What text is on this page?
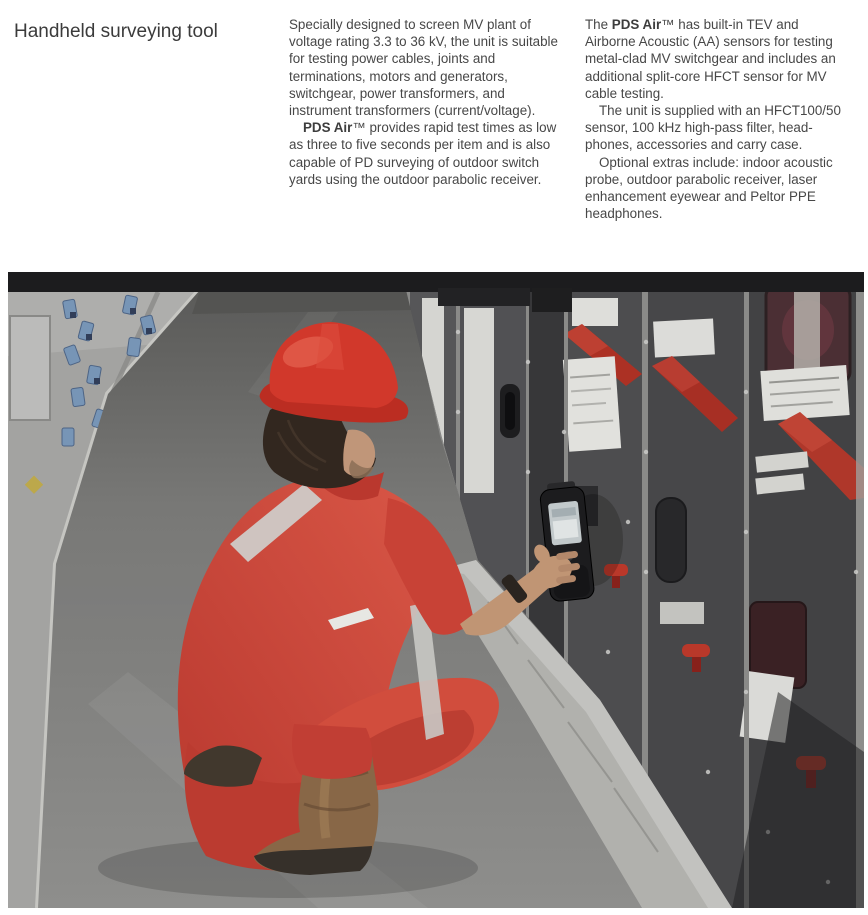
Handheld surveying tool	Specially designed to screen MV plant of voltage rating 3.3 to 36 kV, the unit is suitable for testing power cables, joints and terminations, motors and generators, switchgear, power transformers, and instrument transformers (current/voltage).

PDS Air™ provides rapid test times as low as three to five seconds per item and is also capable of PD surveying of outdoor switch yards using the outdoor parabolic receiver.

The PDS Air™ has built-in TEV and Airborne Acoustic (AA) sensors for testing metal-clad MV switchgear and includes an additional split-core HFCT sensor for MV cable testing.

The unit is supplied with an HFCT100/50 sensor, 100 kHz high-pass filter, head-phones, accessories and carry case.

Optional extras include: indoor acoustic probe, outdoor parabolic receiver, laser enhancement eyewear and Peltor PPE headphones.
